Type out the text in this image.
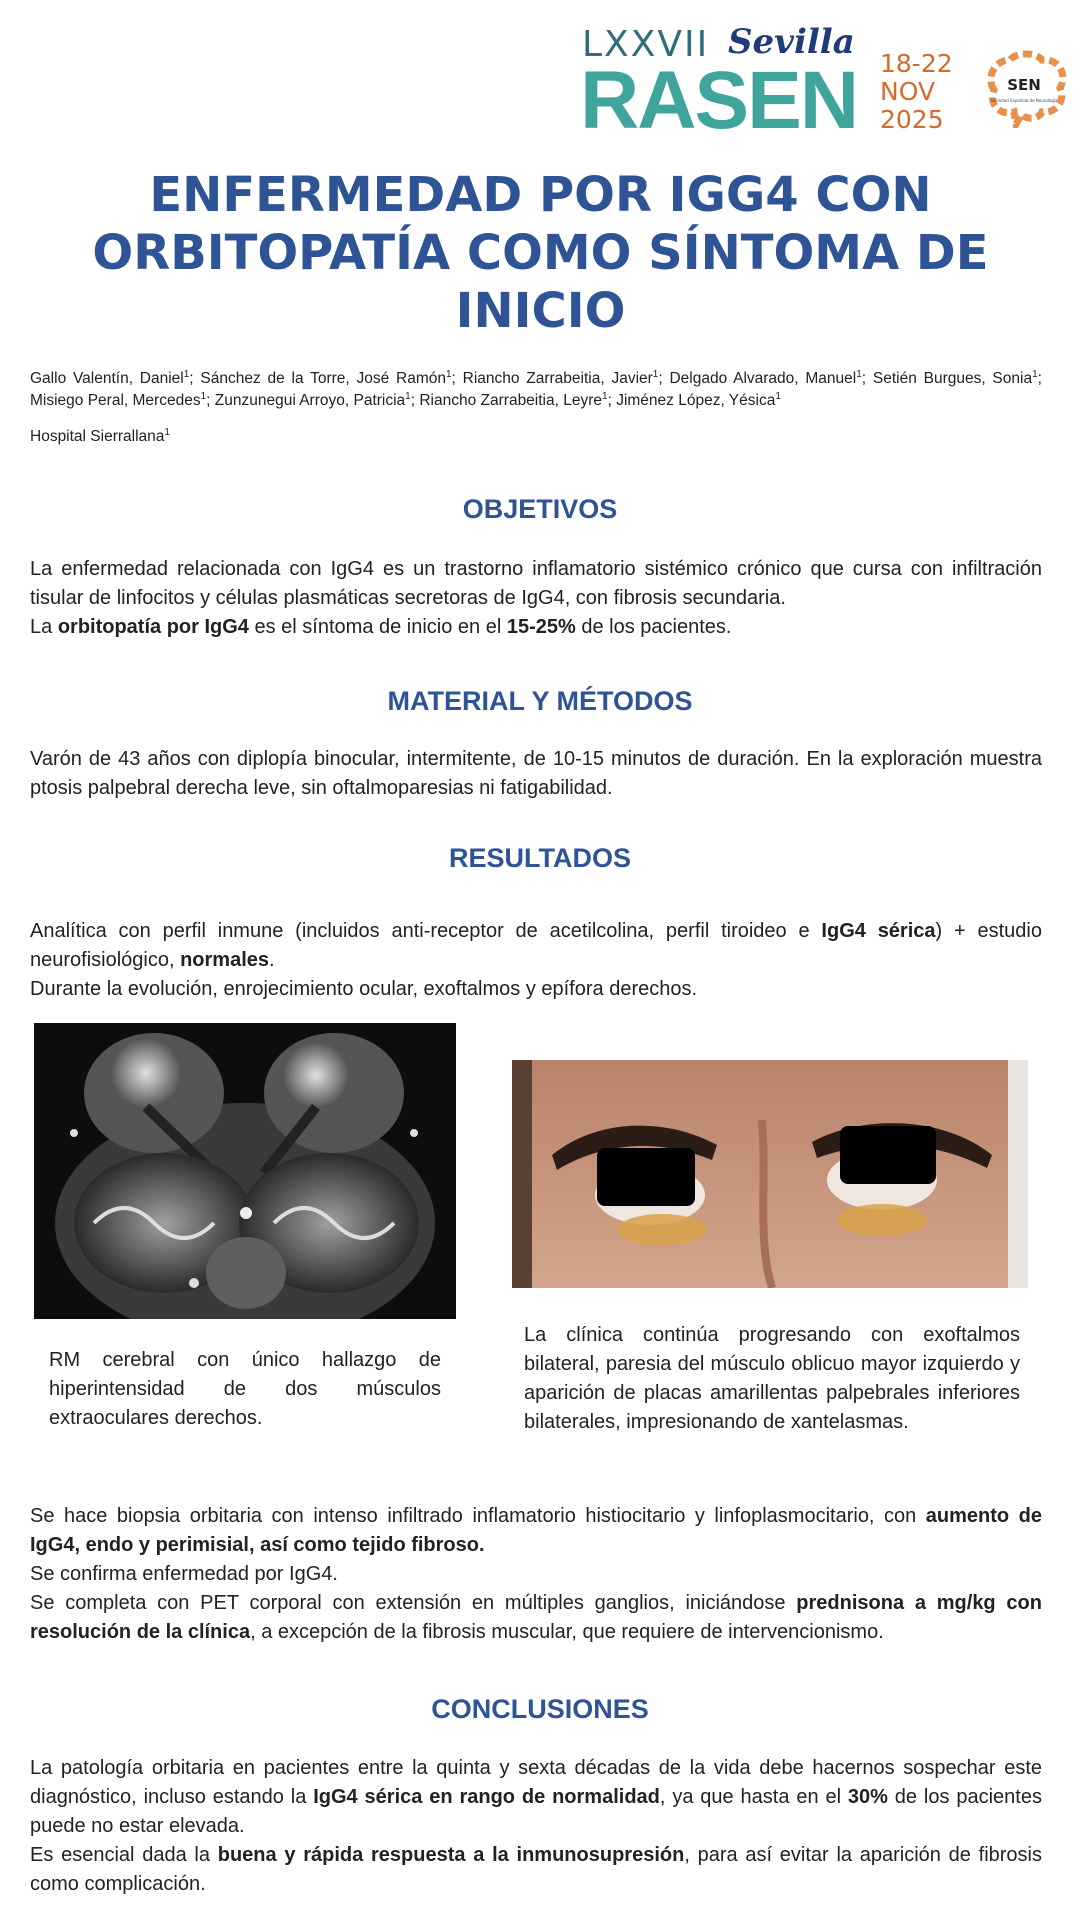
LXXVII Sevilla
RASEN 18-22
NOV
2025
SEN
Sociedad Española de Neurología
ENFERMEDAD POR IGG4 CON ORBITOPATÍA COMO SÍNTOMA DE INICIO
Gallo Valentín, Daniel$^1$; Sánchez de la Torre, José Ramón$^1$; Riancho Zarrabeitia, Javier$^1$; Delgado Alvarado, Manuel$^1$; Setién Burgues, Sonia$^1$; Misiego Peral, Mercedes$^1$; Zunzunegui Arroyo, Patricia$^1$; Riancho Zarrabeitia, Leyre$^1$; Jiménez López, Yésica$^1$
Hospital Sierrallana$^1$
OBJETIVOS

La enfermedad relacionada con IgG4 es un trastorno inflamatorio sistémico crónico que cursa con infiltración tisular de linfocitos y células plasmáticas secretoras de IgG4, con fibrosis secundaria.

La orbitopatía por IgG4 es el síntoma de inicio en el 15-25% de los pacientes.

MATERIAL Y MÉTODOS
Varón de 43 años con diplopía binocular, intermitente, de 10-15 minutos de duración. En la exploración muestra ptosis palpebral derecha leve, sin oftalmoparesias ni fatigabilidad.
RESULTADOS

Analítica con perfil inmune (incluidos anti-receptor de acetilcolina, perfil tiroideo e IgG4 sérica) + estudio neurofisiológico, normales.

Durante la evolución, enrojecimiento ocular, exoftalmos y epífora derechos.

RM cerebral con único hallazgo de hiperintensidad de dos músculos extraoculares derechos.
La clínica continúa progresando con exoftalmos bilateral, paresia del músculo oblicuo mayor izquierdo y aparición de placas amarillentas palpebrales inferiores bilaterales, impresionando de xantelasmas.

Se hace biopsia orbitaria con intenso infiltrado inflamatorio histiocitario y linfoplasmocitario, con aumento de IgG4, endo y perimisial, así como tejido fibroso.

Se confirma enfermedad por IgG4.

Se completa con PET corporal con extensión en múltiples ganglios, iniciándose prednisona a mg/kg con resolución de la clínica, a excepción de la fibrosis muscular, que requiere de intervencionismo.

CONCLUSIONES

La patología orbitaria en pacientes entre la quinta y sexta décadas de la vida debe hacernos sospechar este diagnóstico, incluso estando la IgG4 sérica en rango de normalidad, ya que hasta en el 30% de los pacientes puede no estar elevada.

Es esencial dada la buena y rápida respuesta a la inmunosupresión, para así evitar la aparición de fibrosis como complicación.
